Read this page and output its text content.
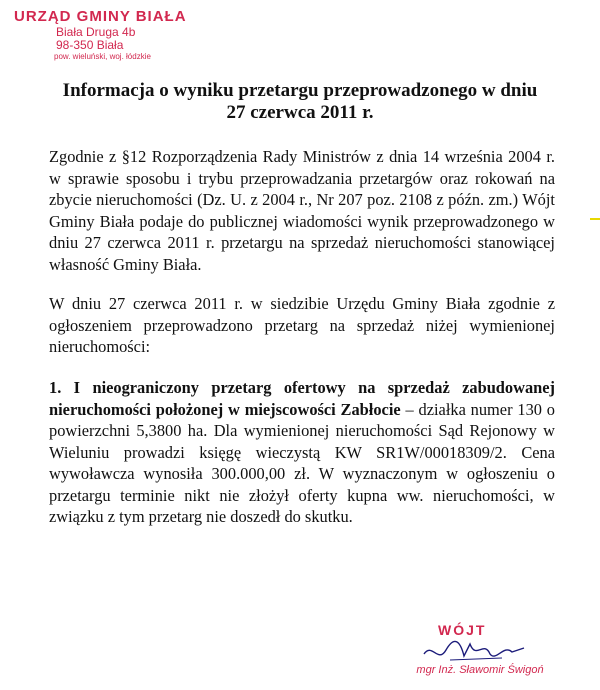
URZĄD GMINY BIAŁA
Biała Druga 4b
98-350 Biała
pow. wieluński, woj. łódzkie
Informacja o wyniku przetargu przeprowadzonego w dniu
27 czerwca 2011 r.

Zgodnie z §12 Rozporządzenia Rady Ministrów z dnia 14 września 2004 r. w sprawie sposobu i trybu przeprowadzania przetargów oraz rokowań na zbycie nieruchomości (Dz. U. z 2004 r., Nr 207 poz. 2108 z późn. zm.) Wójt Gminy Biała podaje do publicznej wiadomości wynik przeprowadzonego w dniu 27 czerwca 2011 r. przetargu na sprzedaż nieruchomości stanowiącej własność Gminy Biała.

W dniu 27 czerwca 2011 r. w siedzibie Urzędu Gminy Biała zgodnie z ogłoszeniem przeprowadzono przetarg na sprzedaż niżej wymienionej nieruchomości:

1. I nieograniczony przetarg ofertowy na sprzedaż zabudowanej nieruchomości położonej w miejscowości Zabłocie – działka numer 130 o powierzchni 5,3800 ha. Dla wymienionej nieruchomości Sąd Rejonowy w Wieluniu prowadzi księgę wieczystą KW SR1W/00018309/2. Cena wywoławcza wynosiła 300.000,00 zł. W wyznaczonym w ogłoszeniu o przetargu terminie nikt nie złożył oferty kupna ww. nieruchomości, w związku z tym przetarg nie doszedł do skutku.

WÓJT
mgr Inż. Sławomir Świgoń
